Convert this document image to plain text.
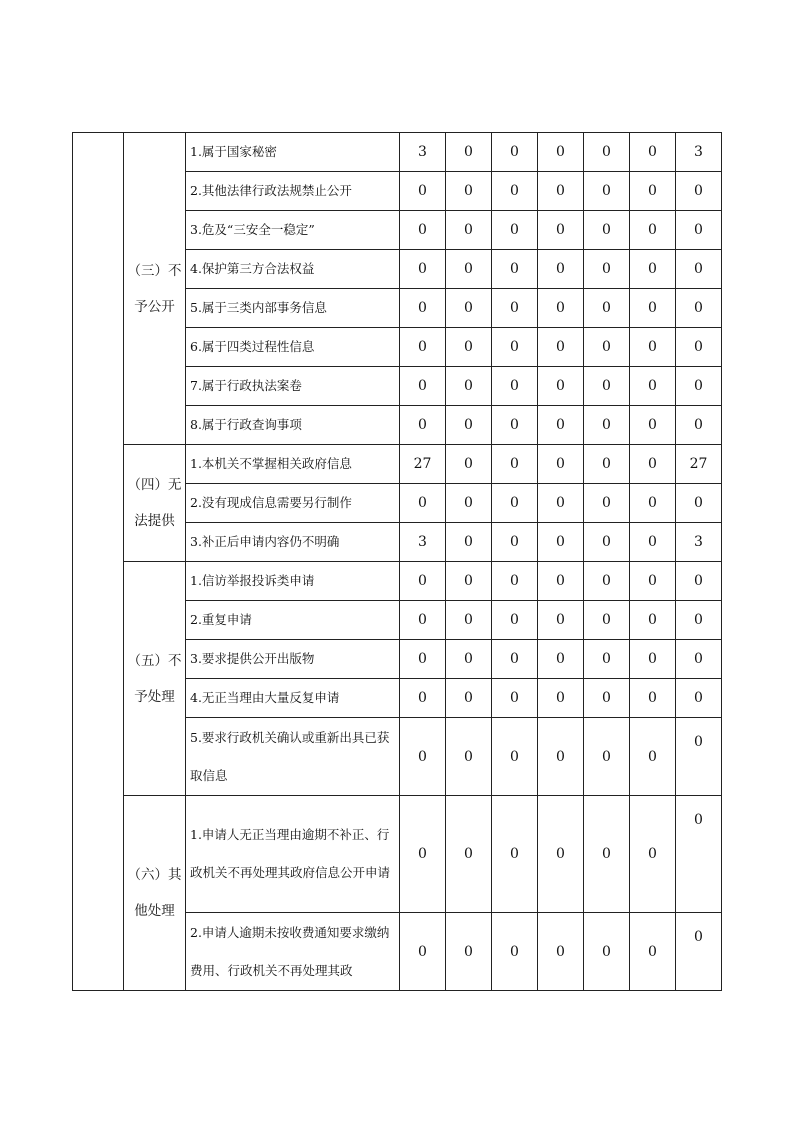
	（三）不予公开	1.属于国家秘密	3	0	0	0	0	0	3
		2.其他法律行政法规禁止公开	0	0	0	0	0	0	0
		3.危及“三安全一稳定”	0	0	0	0	0	0	0
		4.保护第三方合法权益	0	0	0	0	0	0	0
		5.属于三类内部事务信息	0	0	0	0	0	0	0
		6.属于四类过程性信息	0	0	0	0	0	0	0
		7.属于行政执法案卷	0	0	0	0	0	0	0
		8.属于行政查询事项	0	0	0	0	0	0	0
	（四）无法提供	1.本机关不掌握相关政府信息	27	0	0	0	0	0	27
		2.没有现成信息需要另行制作	0	0	0	0	0	0	0
		3.补正后申请内容仍不明确	3	0	0	0	0	0	3
	（五）不予处理	1.信访举报投诉类申请	0	0	0	0	0	0	0
		2.重复申请	0	0	0	0	0	0	0
		3.要求提供公开出版物	0	0	0	0	0	0	0
		4.无正当理由大量反复申请	0	0	0	0	0	0	0
		5.要求行政机关确认或重新出具已获取信息	0	0	0	0	0	0	0
	（六）其他处理	1.申请人无正当理由逾期不补正、行政机关不再处理其政府信息公开申请	0	0	0	0	0	0	0
		2.申请人逾期未按收费通知要求缴纳费用、行政机关不再处理其政	0	0	0	0	0	0	0
